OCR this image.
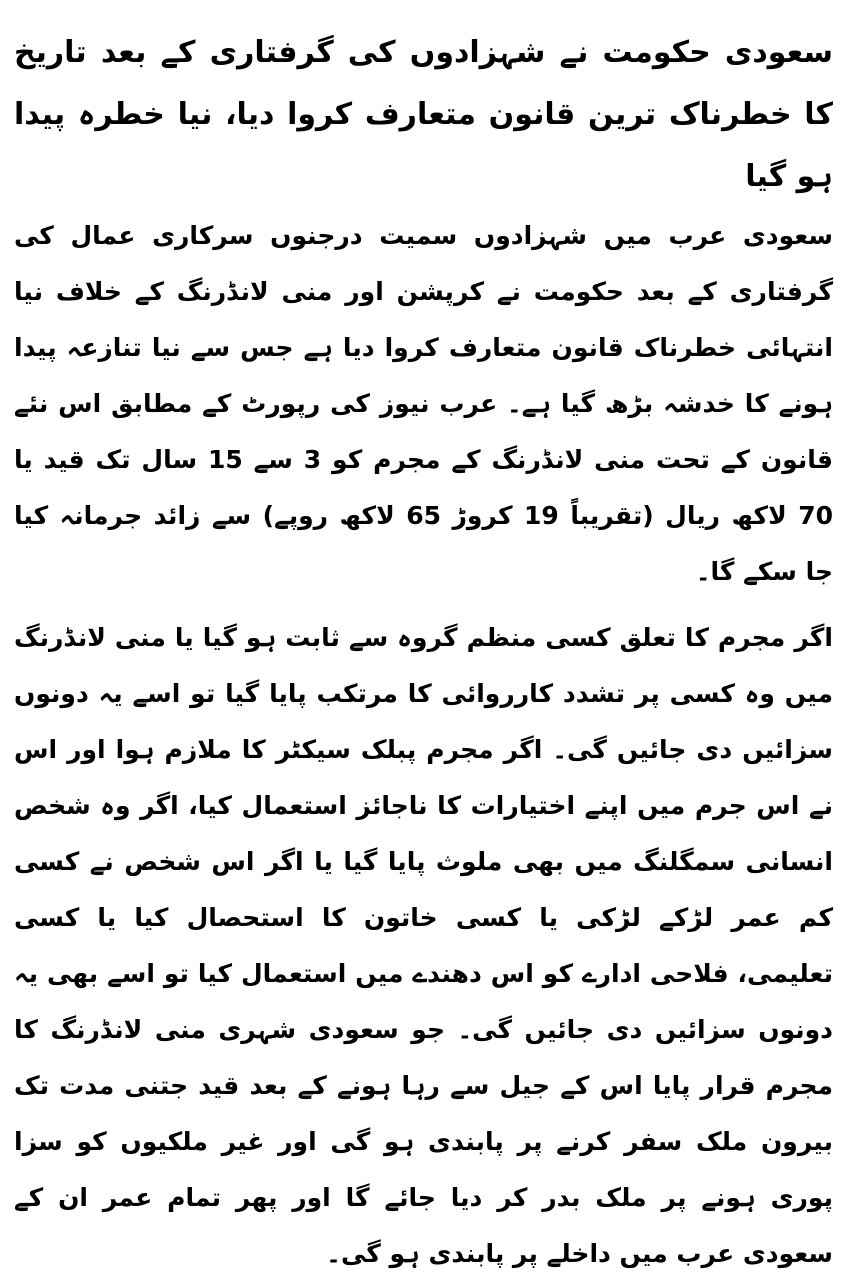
سعودی حکومت نے شہزادوں کی گرفتاری کے بعد تاریخ کا خطرناک ترین قانون متعارف کروا دیا، نیا خطرہ پیدا ہو گیا

سعودی عرب میں شہزادوں سمیت درجنوں سرکاری عمال کی گرفتاری کے بعد حکومت نے کرپشن اور منی لانڈرنگ کے خلاف نیا انتہائی خطرناک قانون متعارف کروا دیا ہے جس سے نیا تنازعہ پیدا ہونے کا خدشہ بڑھ گیا ہے۔ عرب نیوز کی رپورٹ کے مطابق اس نئے قانون کے تحت منی لانڈرنگ کے مجرم کو 3 سے 15 سال تک قید یا 70 لاکھ ریال (تقریباً 19 کروڑ 65 لاکھ روپے) سے زائد جرمانہ کیا جا سکے گا۔

اگر مجرم کا تعلق کسی منظم گروہ سے ثابت ہو گیا یا منی لانڈرنگ میں وہ کسی پر تشدد کارروائی کا مرتکب پایا گیا تو اسے یہ دونوں سزائیں دی جائیں گی۔ اگر مجرم پبلک سیکٹر کا ملازم ہوا اور اس نے اس جرم میں اپنے اختیارات کا ناجائز استعمال کیا، اگر وہ شخص انسانی سمگلنگ میں بھی ملوث پایا گیا یا اگر اس شخص نے کسی کم عمر لڑکے لڑکی یا کسی خاتون کا استحصال کیا یا کسی تعلیمی، فلاحی ادارے کو اس دھندے میں استعمال کیا تو اسے بھی یہ دونوں سزائیں دی جائیں گی۔ جو سعودی شہری منی لانڈرنگ کا مجرم قرار پایا اس کے جیل سے رہا ہونے کے بعد قید جتنی مدت تک بیرون ملک سفر کرنے پر پابندی ہو گی اور غیر ملکیوں کو سزا پوری ہونے پر ملک بدر کر دیا جائے گا اور پھر تمام عمر ان کے سعودی عرب میں داخلے پر پابندی ہو گی۔
